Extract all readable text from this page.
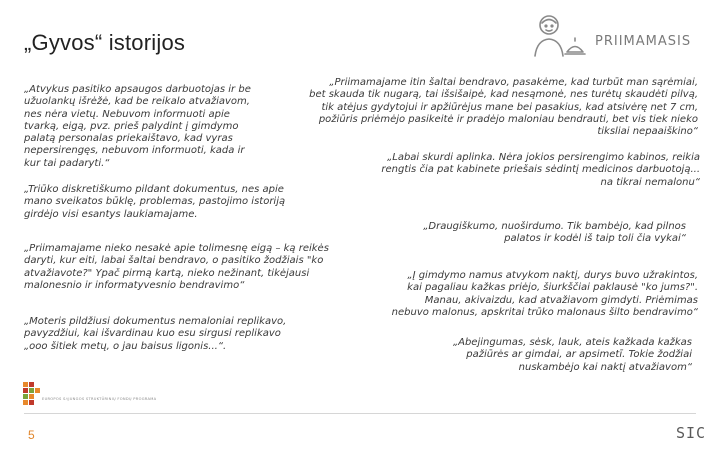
„Gyvos“ istorijos	PRIIMAMASIS

„Atvykus pasitiko apsaugos darbuotojas ir be
užuolankų išrėžė, kad be reikalo atvažiavom,
nes nėra vietų. Nebuvom informuoti apie
tvarką, eigą, pvz. prieš palydint į gimdymo
palatą personalas priekaištavo, kad vyras
nepersirengęs, nebuvom informuoti, kada ir
kur tai padaryti.“

„Triūko diskretiškumo pildant dokumentus, nes apie
mano sveikatos būklę, problemas, pastojimo istoriją
girdėjo visi esantys laukiamajame.

„Priimamajame nieko nesakė apie tolimesnę eigą – ką reikės
daryti, kur eiti, labai šaltai bendravo, o pasitiko žodžiais "ko
atvažiavote?" Ypač pirmą kartą, nieko nežinant, tikėjausi
malonesnio ir informatyvesnio bendravimo“

„Moteris pildžiusi dokumentus nemaloniai replikavo,
pavyzdžiui, kai išvardinau kuo esu sirgusi replikavo
„ooo šitiek metų, o jau baisus ligonis...“.

„Priimamajame itin šaltai bendravo, pasakėme, kad turbūt man sąrėmiai,
bet skauda tik nugarą, tai išsišaipė, kad nesąmonė, nes turėtų skaudėti pilvą,
tik atėjus gydytojui ir apžiūrėjus mane bei pasakius, kad atsivėrę net 7 cm,
požiūris priėmėjo pasikeitė ir pradėjo maloniau bendrauti, bet vis tiek nieko
tiksliai nepaaiškino“

„Labai skurdi aplinka. Nėra jokios persirengimo kabinos, reikia
rengtis čia pat kabinete priešais sėdintį medicinos darbuotoją...
na tikrai nemalonu“

„Draugiškumo, nuoširdumo. Tik bambėjo, kad pilnos
palatos ir kodėl iš taip toli čia vykai“

„Į gimdymo namus atvykom naktį, durys buvo užrakintos,
kai pagaliau kažkas priėjo, šiurkščiai paklausė "ko jums?".
Manau, akivaizdu, kad atvažiavom gimdyti. Priėmimas
nebuvo malonus, apskritai trūko malonaus šilto bendravimo“

„Abejingumas, sėsk, lauk, ateis kažkada kažkas
pažiūrės ar gimdai, ar apsimetī. Tokie žodžiai
nuskambėjo kai naktį atvažiavom“

EUROPOS SĄJUNGOS STRUKTŪRINIŲ FONDŲ PROGRAMA
5	SIC
